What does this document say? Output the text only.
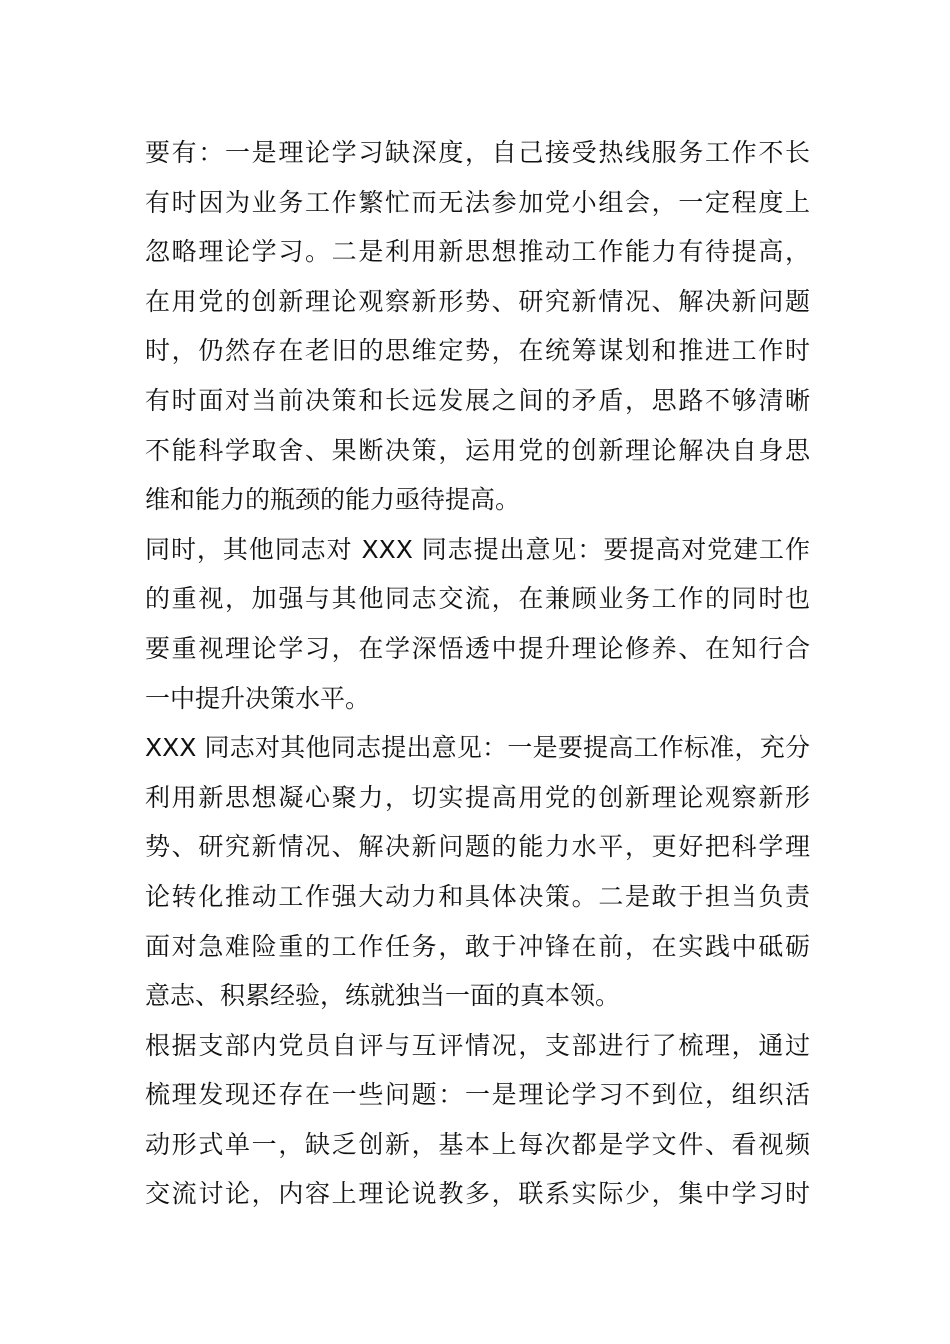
要有：一是理论学习缺深度，自己接受热线服务工作不长
有时因为业务工作繁忙而无法参加党小组会，一定程度上
忽略理论学习。二是利用新思想推动工作能力有待提高，
在用党的创新理论观察新形势、研究新情况、解决新问题
时，仍然存在老旧的思维定势，在统筹谋划和推进工作时
有时面对当前决策和长远发展之间的矛盾，思路不够清晰
不能科学取舍、果断决策，运用党的创新理论解决自身思
维和能力的瓶颈的能力亟待提高。
同时，其他同志对 XXX 同志提出意见：要提高对党建工作
的重视，加强与其他同志交流，在兼顾业务工作的同时也
要重视理论学习，在学深悟透中提升理论修养、在知行合
一中提升决策水平。
XXX 同志对其他同志提出意见：一是要提高工作标准，充分
利用新思想凝心聚力，切实提高用党的创新理论观察新形
势、研究新情况、解决新问题的能力水平，更好把科学理
论转化推动工作强大动力和具体决策。二是敢于担当负责
面对急难险重的工作任务，敢于冲锋在前，在实践中砥砺
意志、积累经验，练就独当一面的真本领。
根据支部内党员自评与互评情况，支部进行了梳理，通过
梳理发现还存在一些问题：一是理论学习不到位，组织活
动形式单一，缺乏创新，基本上每次都是学文件、看视频
交流讨论，内容上理论说教多，联系实际少，集中学习时
